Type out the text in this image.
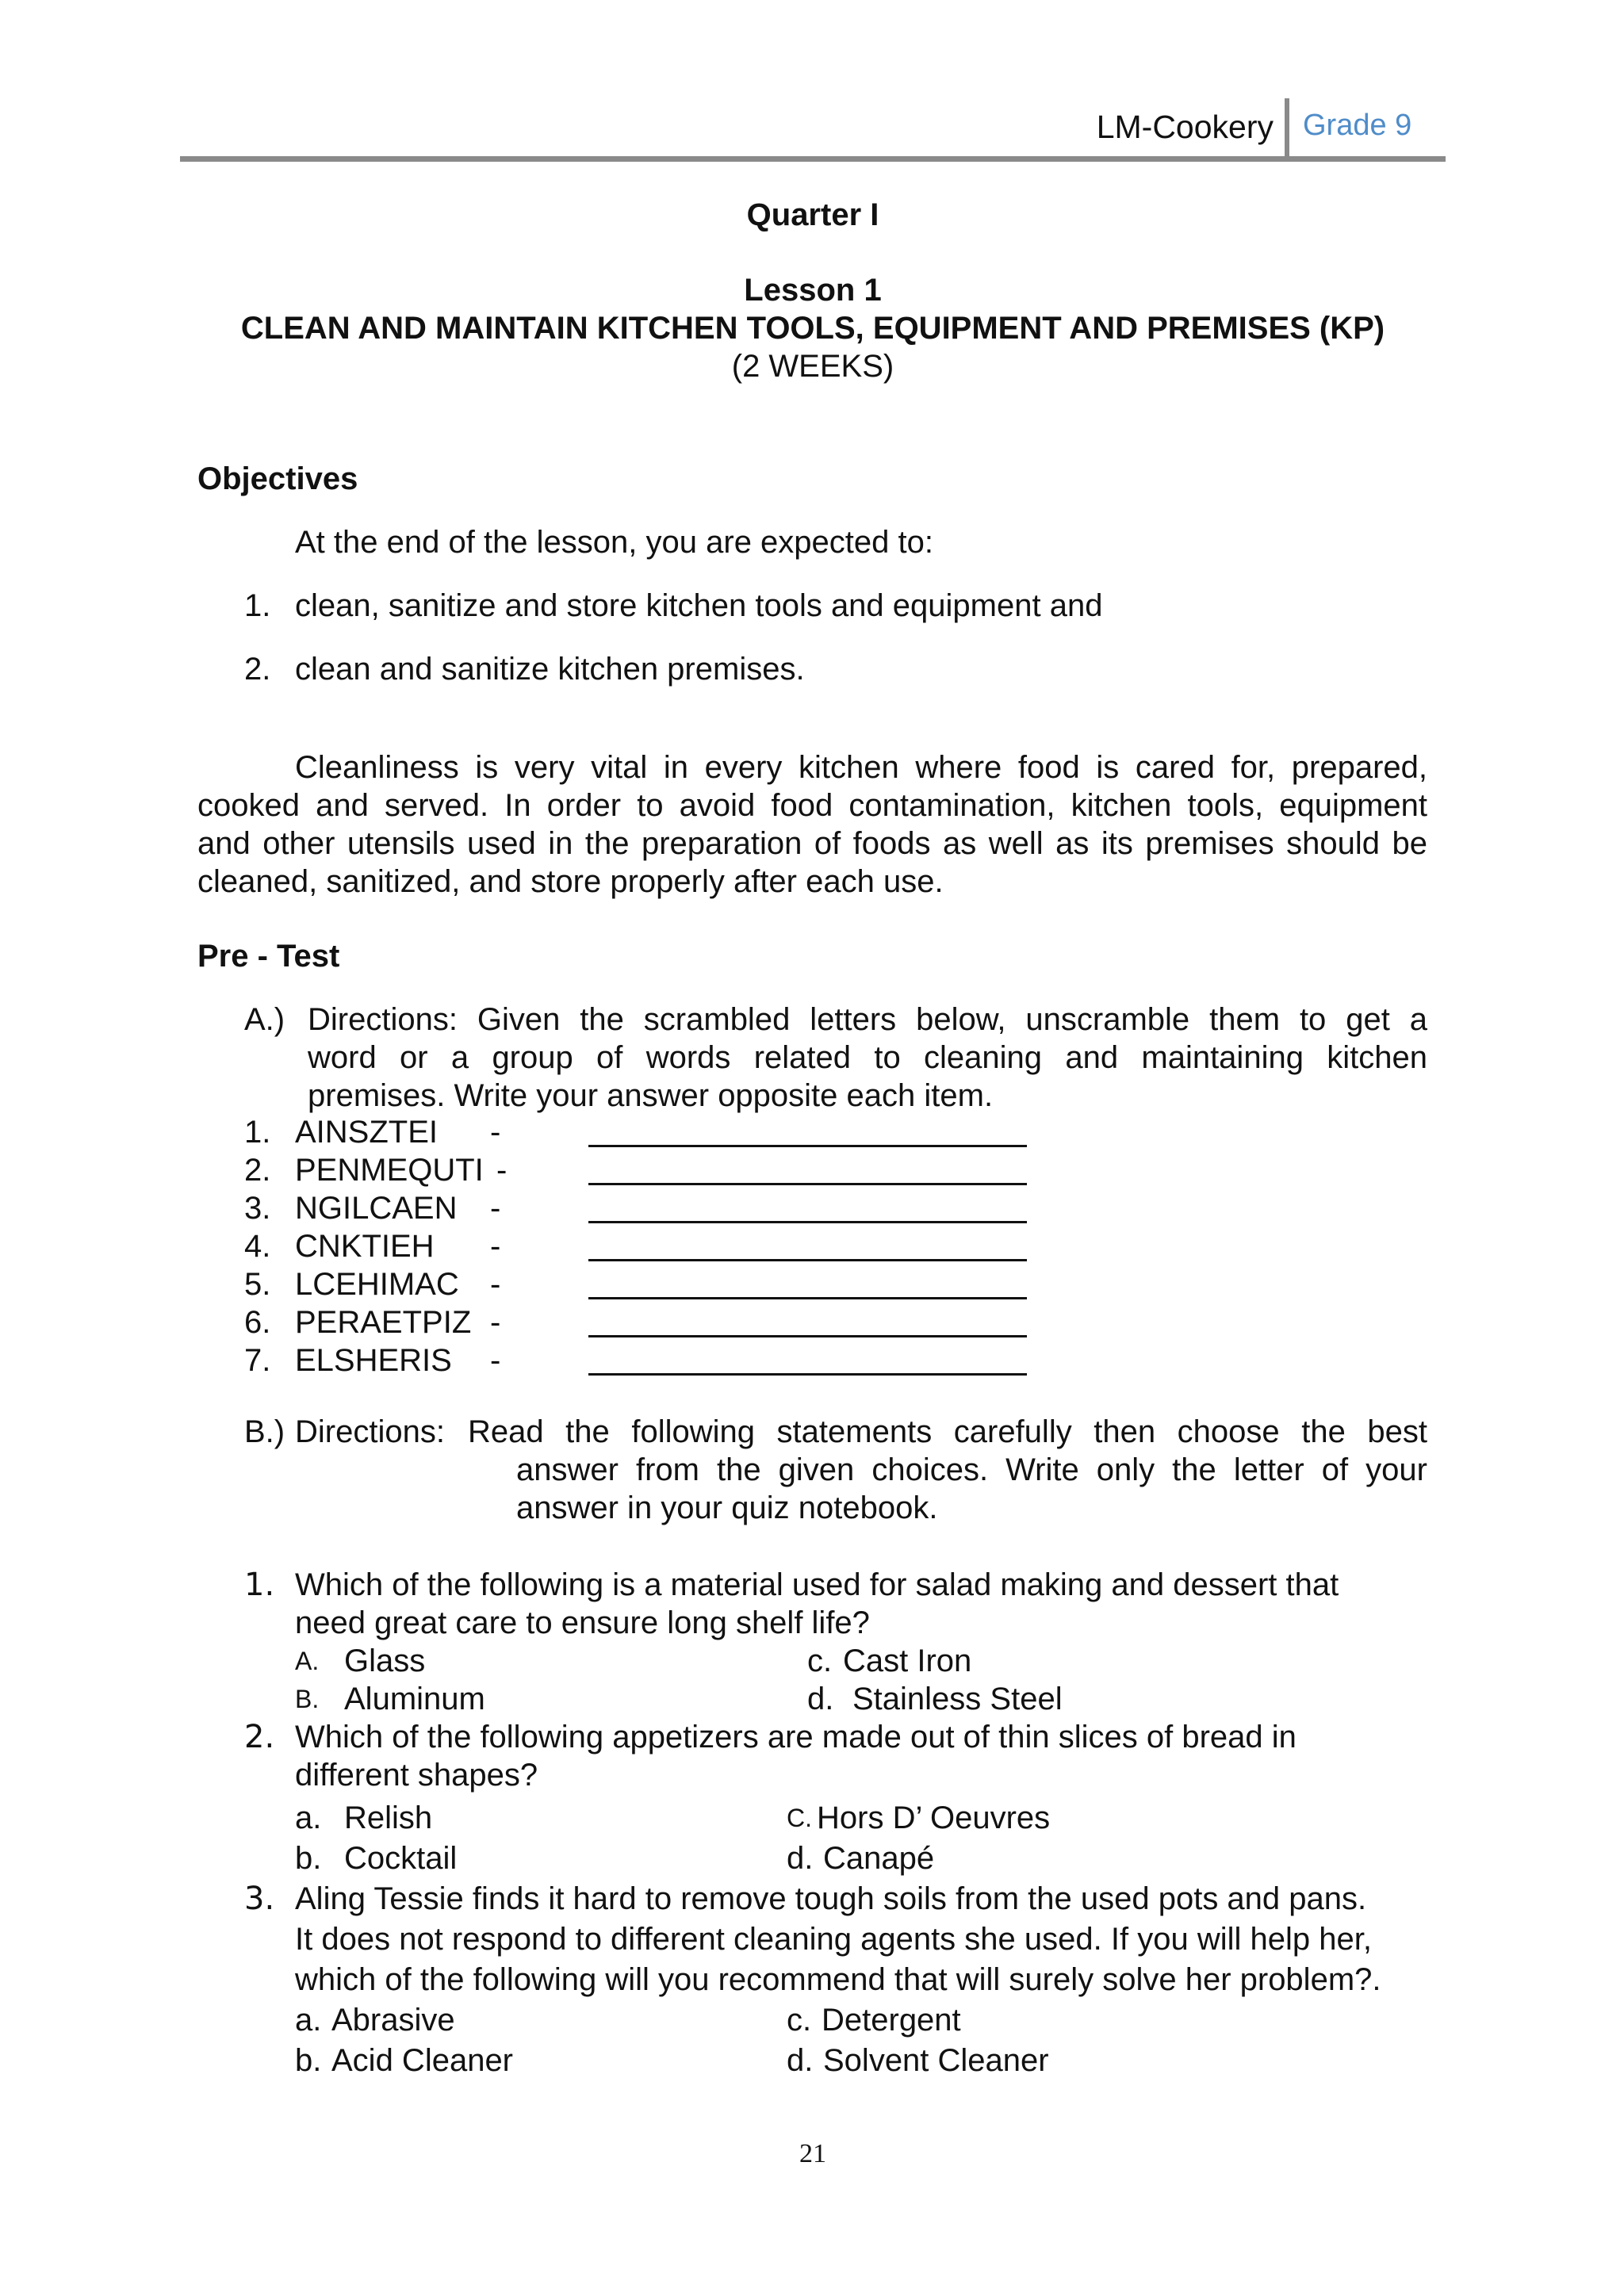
LM-Cookery Grade 9
Quarter I
Lesson 1
CLEAN AND MAINTAIN KITCHEN TOOLS, EQUIPMENT AND PREMISES (KP)
(2 WEEKS)
Objectives
At the end of the lesson, you are expected to:
1. clean, sanitize and store kitchen tools and equipment and
2. clean and sanitize kitchen premises.
Cleanliness is very vital in every kitchen where food is cared for, prepared,
cooked and served. In order to avoid food contamination, kitchen tools, equipment
and other utensils used in the preparation of foods as well as its premises should be
cleaned, sanitized, and store properly after each use.
Pre - Test
A.) Directions: Given the scrambled letters below, unscramble them to get a
word or a group of words related to cleaning and maintaining kitchen
premises. Write your answer opposite each item.
1. AINSZTEI -
2. PENMEQUTI -
3. NGILCAEN -
4. CNKTIEH -
5. LCEHIMAC -
6. PERAETPIZ -
7. ELSHERIS -
B.) Directions: Read the following statements carefully then choose the best
answer from the given choices. Write only the letter of your
answer in your quiz notebook.
1. Which of the following is a material used for salad making and dessert that
need great care to ensure long shelf life?
A. Glass	c. Cast Iron
B. Aluminum	d. Stainless Steel
2. Which of the following appetizers are made out of thin slices of bread in
different shapes?
a. Relish	C. Hors D’ Oeuvres
b. Cocktail	d. Canapé
3. Aling Tessie finds it hard to remove tough soils from the used pots and pans.
It does not respond to different cleaning agents she used. If you will help her,
which of the following will you recommend that will surely solve her problem?.
a. Abrasive	c. Detergent
b. Acid Cleaner	d. Solvent Cleaner
21
